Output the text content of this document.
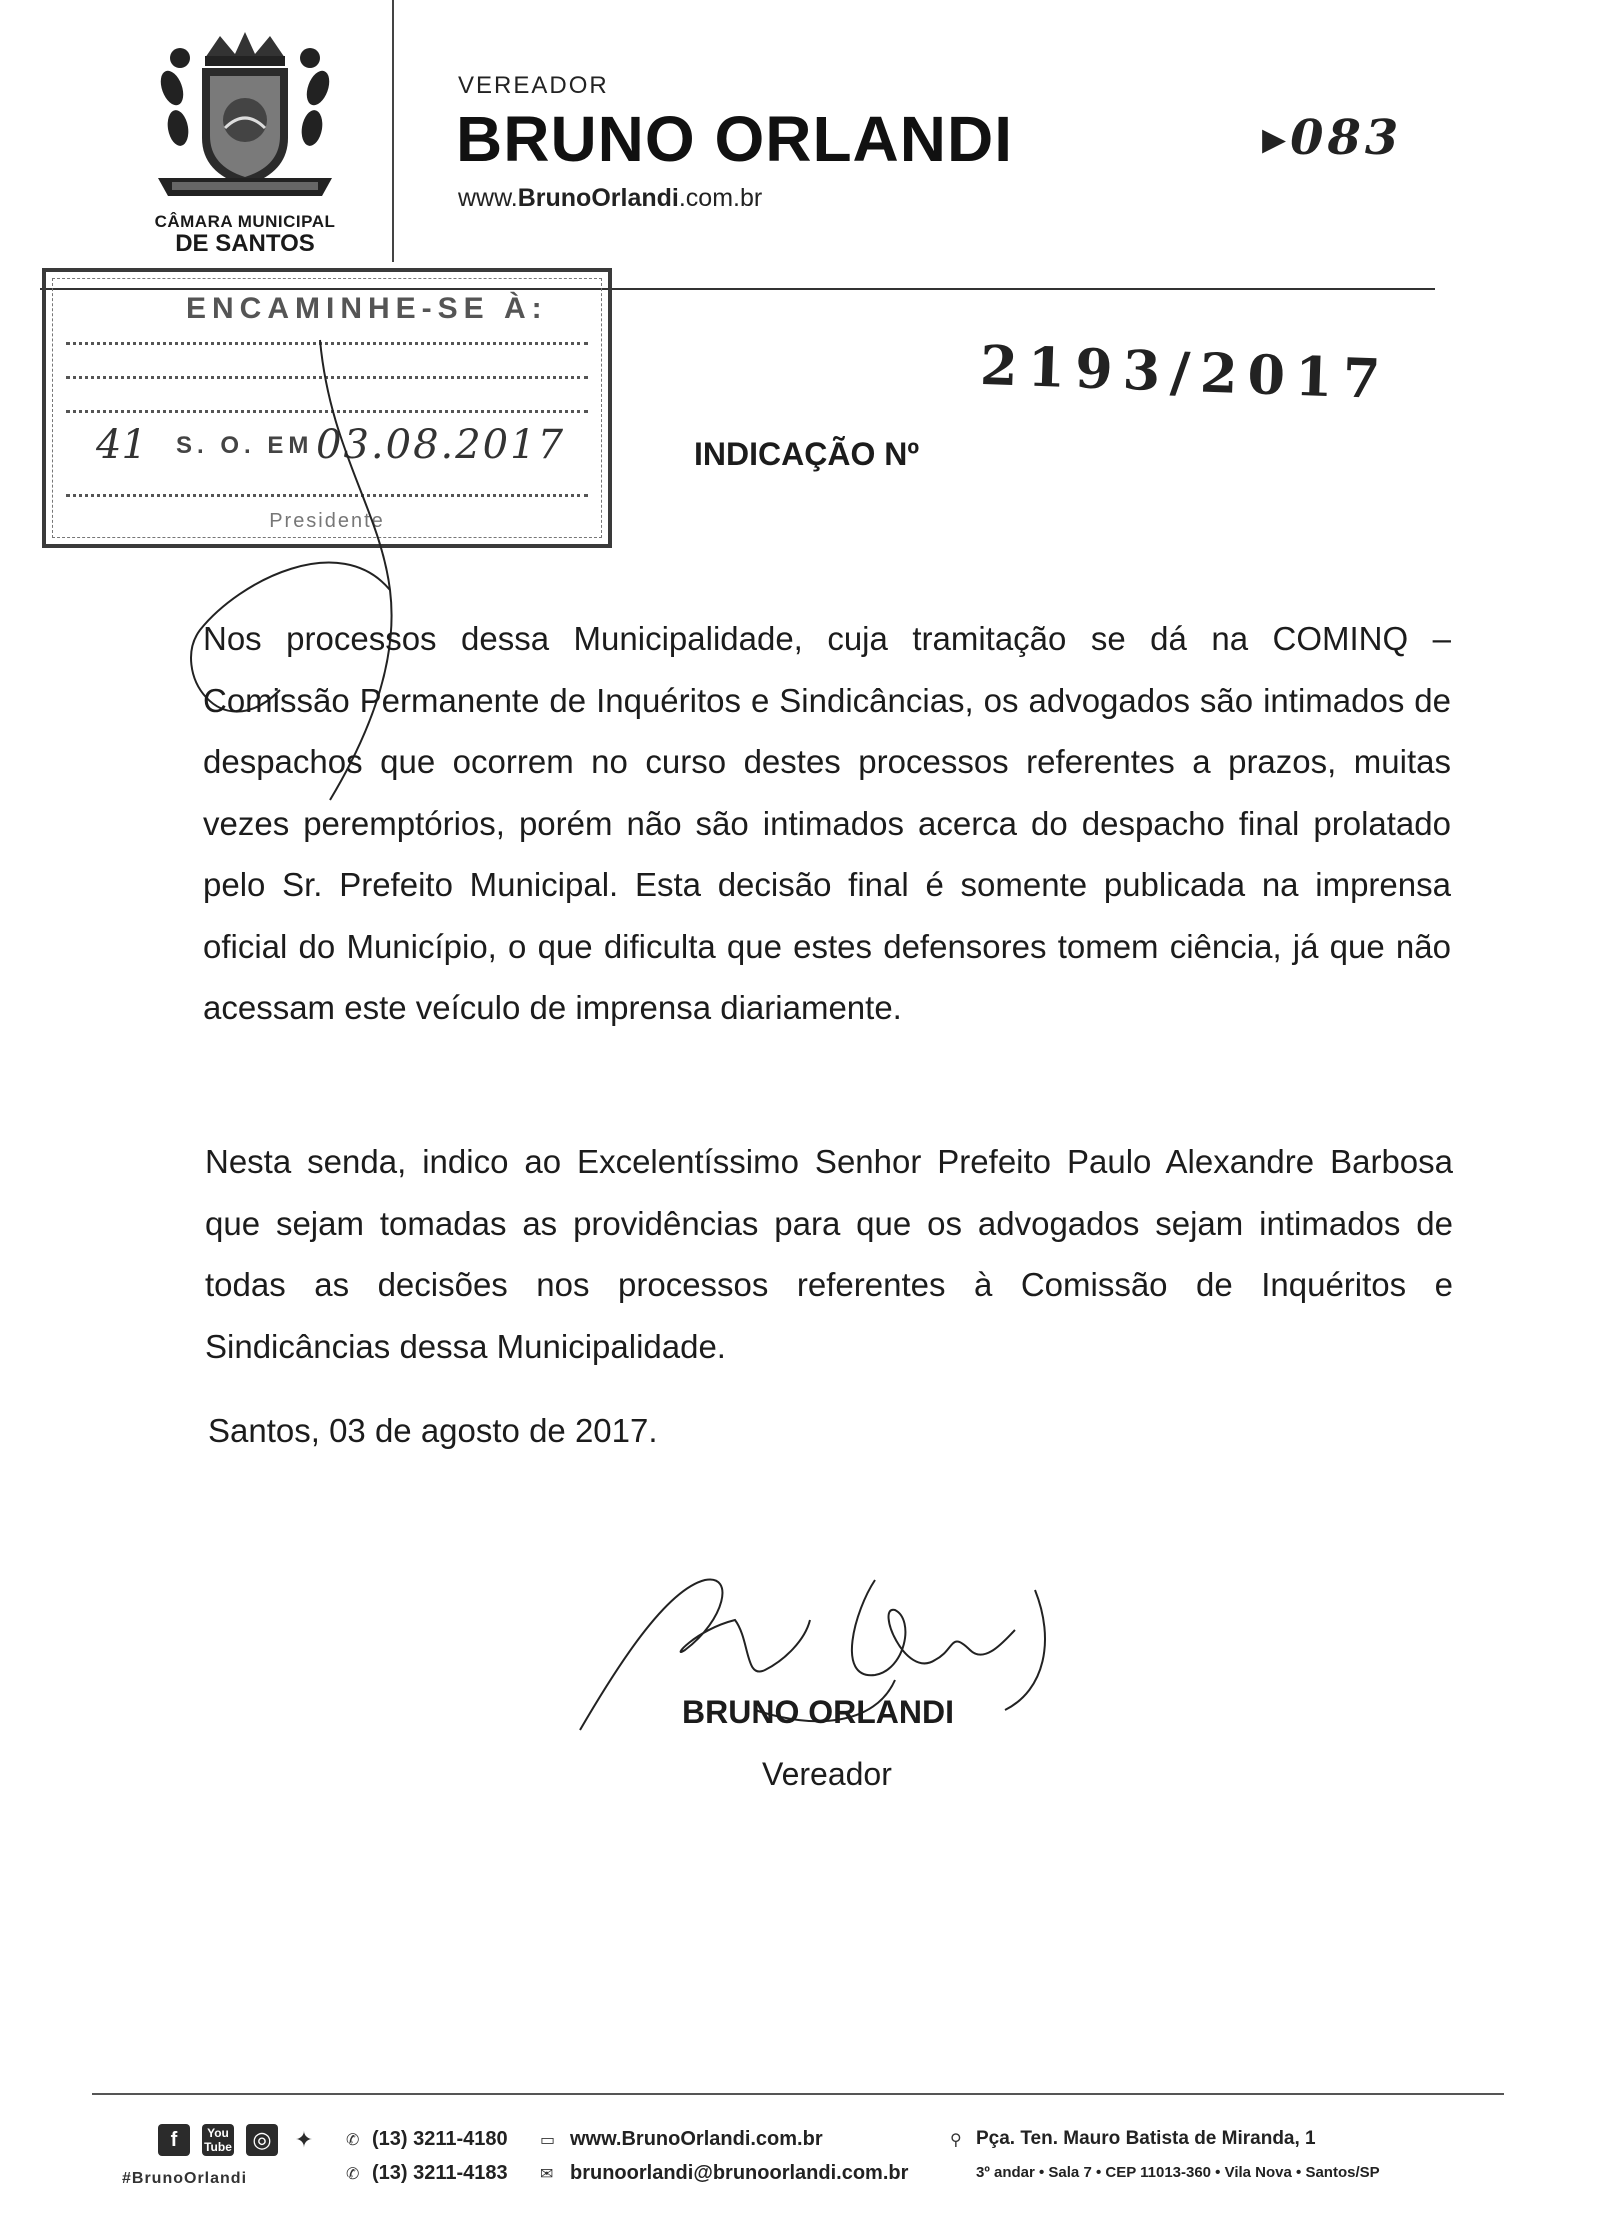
CÂMARA MUNICIPAL
DE SANTOS
VEREADOR
BRUNO ORLANDI
www.BrunoOrlandi.com.br
▸083
ENCAMINHE-SE À:
41 S. O. EM 03.08.2017
Presidente
2193/2017
INDICAÇÃO Nº
Nos processos dessa Municipalidade, cuja tramitação se dá na COMINQ – Comissão Permanente de Inquéritos e Sindicâncias, os advogados são intimados de despachos que ocorrem no curso destes processos referentes a prazos, muitas vezes peremptórios, porém não são intimados acerca do despacho final prolatado pelo Sr. Prefeito Municipal. Esta decisão final é somente publicada na imprensa oficial do Município, o que dificulta que estes defensores tomem ciência, já que não acessam este veículo de imprensa diariamente.
Nesta senda, indico ao Excelentíssimo Senhor Prefeito Paulo Alexandre Barbosa que sejam tomadas as providências para que os advogados sejam intimados de todas as decisões nos processos referentes à Comissão de Inquéritos e Sindicâncias dessa Municipalidade.
Santos, 03 de agosto de 2017.
BRUNO ORLANDI
Vereador
f	You
Tube ◎	✦
#BrunoOrlandi
✆ (13) 3211-4180
✆ (13) 3211-4183
▭ www.BrunoOrlandi.com.br
✉ brunoorlandi@brunoorlandi.com.br
⚲ Pça. Ten. Mauro Batista de Miranda, 1
3º andar • Sala 7 • CEP 11013-360 • Vila Nova • Santos/SP
